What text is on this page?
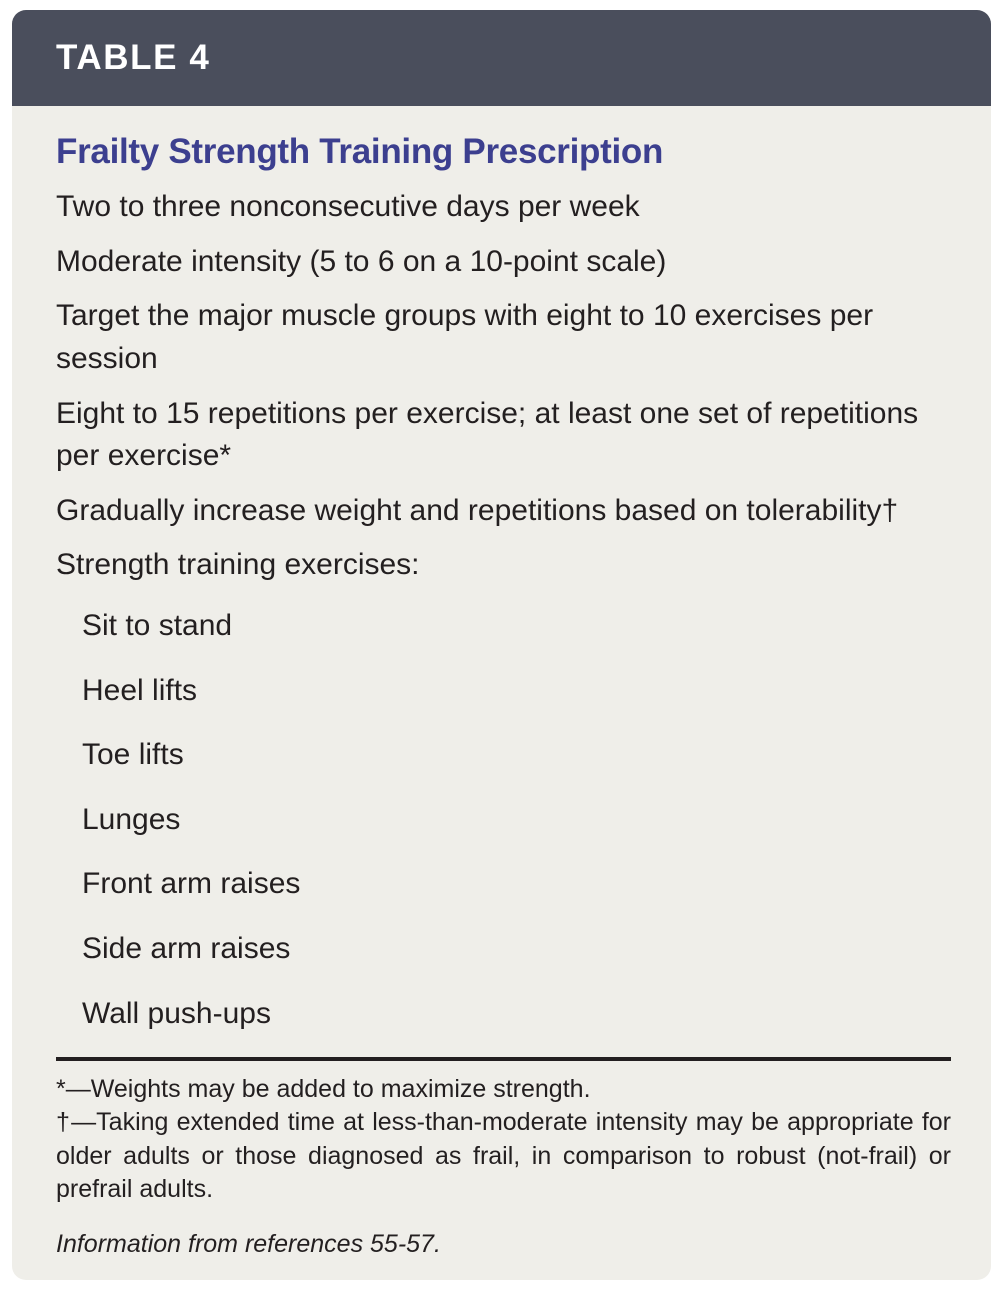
TABLE 4
Frailty Strength Training Prescription

Two to three nonconsecutive days per week

Moderate intensity (5 to 6 on a 10-point scale)

Target the major muscle groups with eight to 10 exercises per session

Eight to 15 repetitions per exercise; at least one set of repetitions per exercise*

Gradually increase weight and repetitions based on tolerability†

Strength training exercises:

Sit to stand

Heel lifts

Toe lifts

Lunges

Front arm raises

Side arm raises

Wall push-ups

*—Weights may be added to maximize strength.

†—Taking extended time at less-than-moderate intensity may be appropriate for older adults or those diagnosed as frail, in comparison to robust (not-frail) or prefrail adults.

Information from references 55-57.
